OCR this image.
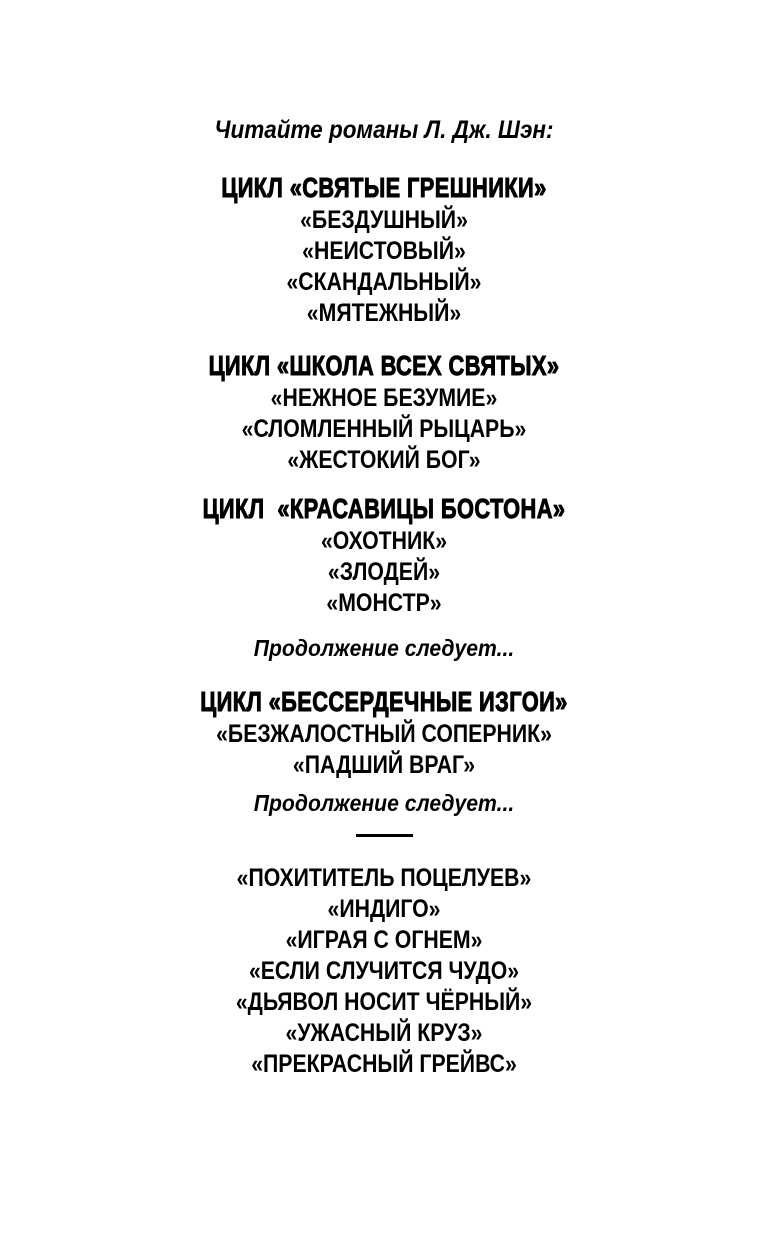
Читайте романы Л. Дж. Шэн:

ЦИКЛ «СВЯТЫЕ ГРЕШНИКИ»

«БЕЗДУШНЫЙ»

«НЕИСТОВЫЙ»

«СКАНДАЛЬНЫЙ»

«МЯТЕЖНЫЙ»

ЦИКЛ «ШКОЛА ВСЕХ СВЯТЫХ»

«НЕЖНОЕ БЕЗУМИЕ»

«СЛОМЛЕННЫЙ РЫЦАРЬ»

«ЖЕСТОКИЙ БОГ»

ЦИКЛ  «КРАСАВИЦЫ БОСТОНА»

«ОХОТНИК»

«ЗЛОДЕЙ»

«МОНСТР»

Продолжение следует...

ЦИКЛ «БЕССЕРДЕЧНЫЕ ИЗГОИ»

«БЕЗЖАЛОСТНЫЙ СОПЕРНИК»

«ПАДШИЙ ВРАГ»

Продолжение следует...

«ПОХИТИТЕЛЬ ПОЦЕЛУЕВ»

«ИНДИГО»

«ИГРАЯ С ОГНЕМ»

«ЕСЛИ СЛУЧИТСЯ ЧУДО»

«ДЬЯВОЛ НОСИТ ЧЁРНЫЙ»

«УЖАСНЫЙ КРУЗ»

«ПРЕКРАСНЫЙ ГРЕЙВС»
